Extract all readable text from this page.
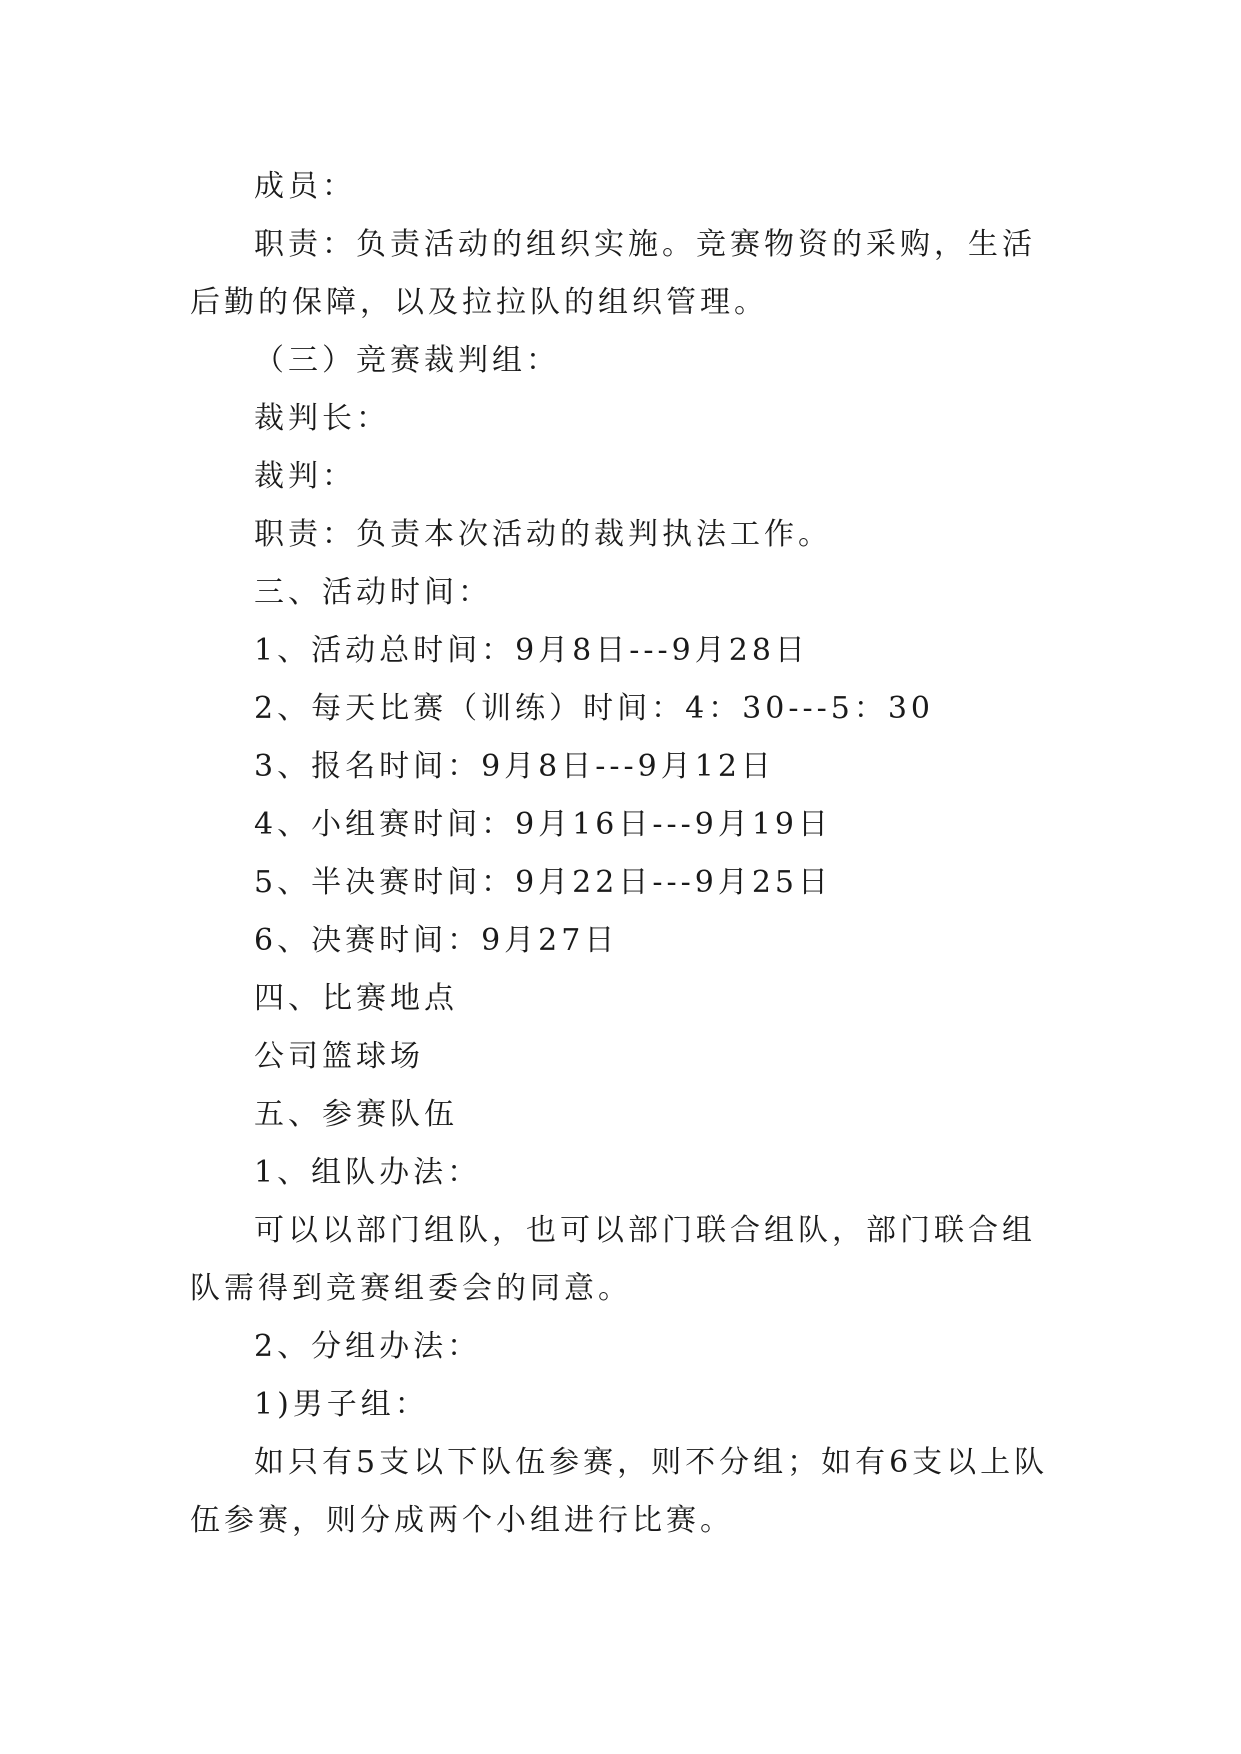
成员：

职责：负责活动的组织实施。竞赛物资的采购，生活后勤的保障，以及拉拉队的组织管理。

（三）竞赛裁判组：

裁判长：

裁判：

职责：负责本次活动的裁判执法工作。

三、活动时间：

1、活动总时间：9月8日---9月28日

2、每天比赛（训练）时间：4：30---5：30

3、报名时间：9月8日---9月12日

4、小组赛时间：9月16日---9月19日

5、半决赛时间：9月22日---9月25日

6、决赛时间：9月27日

四、比赛地点

公司篮球场

五、参赛队伍

1、组队办法：

可以以部门组队，也可以部门联合组队，部门联合组队需得到竞赛组委会的同意。

2、分组办法：

1)男子组：

如只有5支以下队伍参赛，则不分组；如有6支以上队伍参赛，则分成两个小组进行比赛。
